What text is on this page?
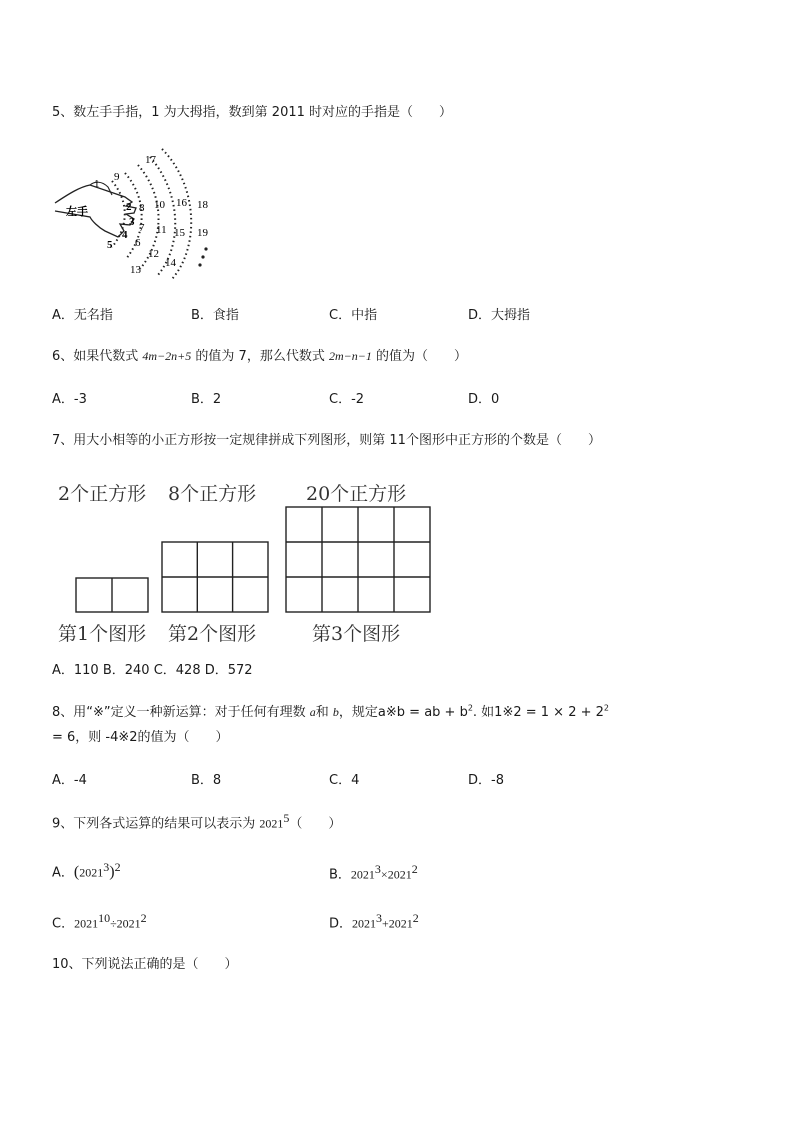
5、数左手手指，1 为大拇指，数到第 2011 时对应的手指是（　　）
左手
1
2
3
4
5 6
7
8
9
10
11
12
13
14
15
16
17
18
19
A．无名指	B．食指	C．中指	D．大拇指
6、如果代数式 4m−2n+5 的值为 7，那么代数式 2m−n−1 的值为（　　）
A．-3	B．2	C．-2	D．0
7、用大小相等的小正方形按一定规律拼成下列图形，则第 11个图形中正方形的个数是（　　）
2个正方形 8个正方形	20个正方形
第1个图形 第2个图形	第3个图形
A．110 B．240 C．428 D．572
8、用“※”定义一种新运算：对于任何有理数 a和 b，规定a※b = ab + $b^2$. 如1※2 = $1 \times 2 + 2^2$
= 6，则 -4※2的值为（　　）
A．-4	B．8	C．4	D．-8
9、下列各式运算的结果可以表示为 2021$^5$（　　）
A．$(2021^3)^2$
B．$2021^3\times 2021^2$
C．$2021^{10}\div 2021^2$	D．$2021^3+2021^2$
10、下列说法正确的是（　　）
